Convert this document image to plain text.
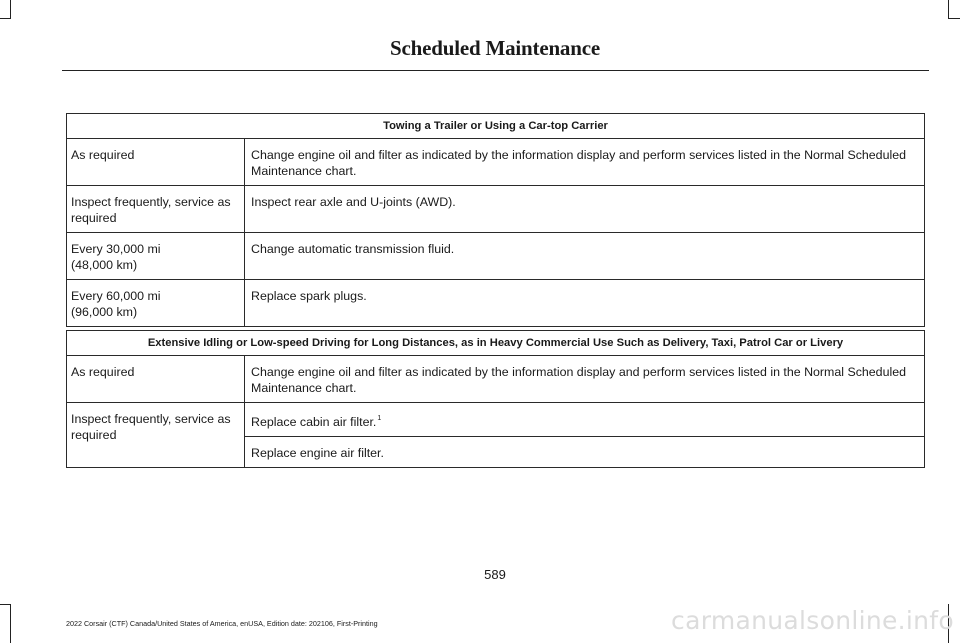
Scheduled Maintenance
Towing a Trailer or Using a Car-top Carrier	
As required	Change engine oil and filter as indicated by the information display and perform services listed in the Normal Scheduled Maintenance chart.
Inspect frequently, service as required	Inspect rear axle and U-joints (AWD).
Every 30,000 mi
(48,000 km)	Change automatic transmission fluid.
Every 60,000 mi
(96,000 km)	Replace spark plugs.
Extensive Idling or Low-speed Driving for Long Distances, as in Heavy Commercial Use Such as Delivery, Taxi, Patrol Car or Livery	
As required	Change engine oil and filter as indicated by the information display and perform services listed in the Normal Scheduled Maintenance chart.
Inspect frequently, service as required	Replace cabin air filter.$^1$
	Replace engine air filter.
589
2022 Corsair (CTF) Canada/United States of America, enUSA, Edition date: 202106, First-Printing	carmanualsonline.info
